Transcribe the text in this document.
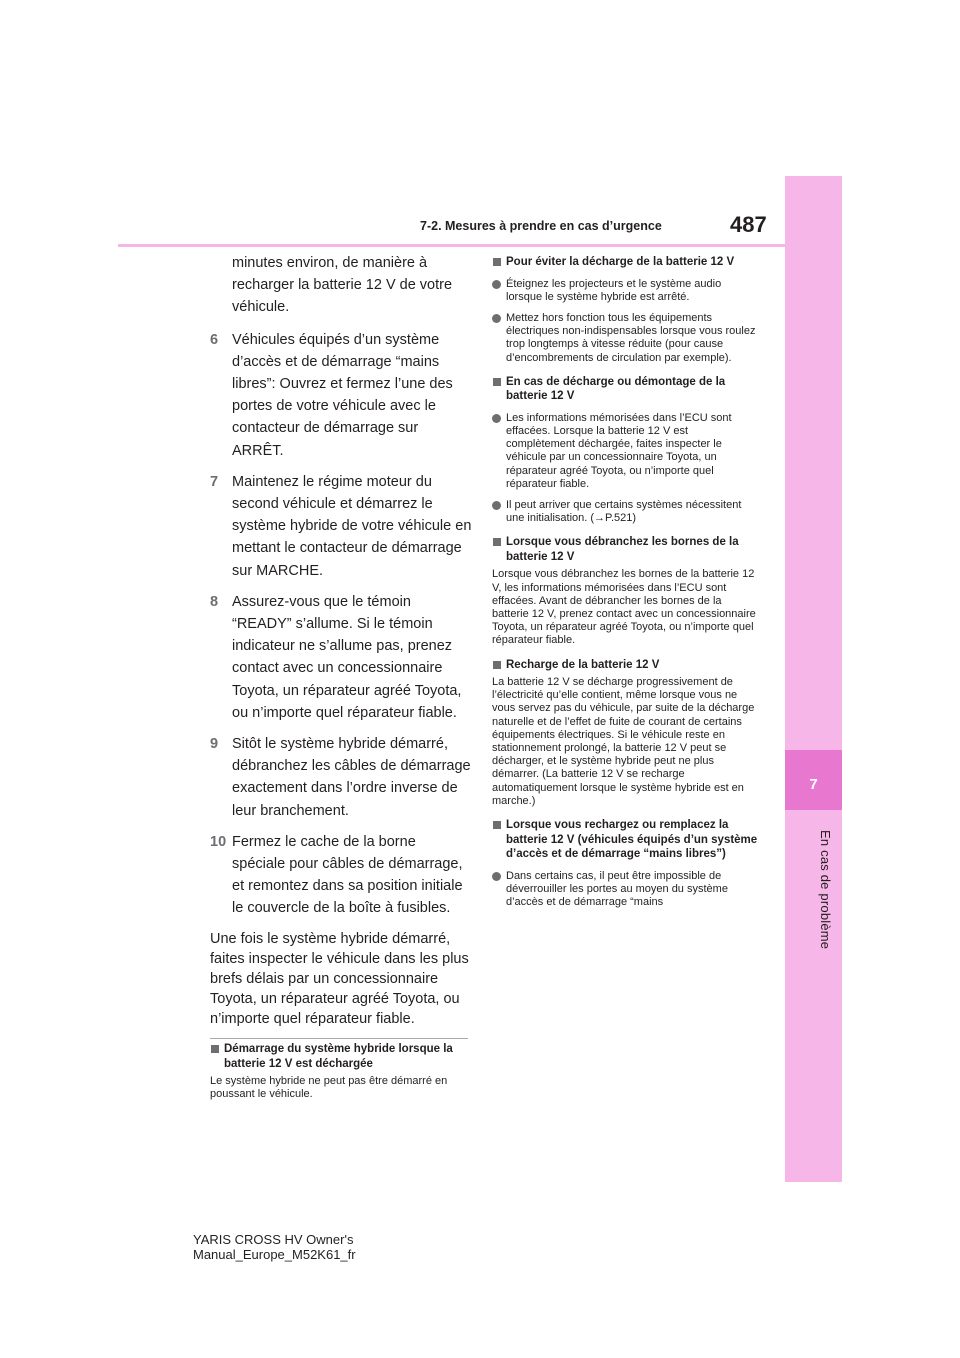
7
En cas de problème
7-2. Mesures à prendre en cas d’urgence	487
minutes environ, de manière à recharger la batterie 12 V de votre véhicule.
6 Véhicules équipés d’un système d’accès et de démarrage “mains libres”: Ouvrez et fermez l’une des portes de votre véhicule avec le contacteur de démarrage sur ARRÊT.
7 Maintenez le régime moteur du second véhicule et démarrez le système hybride de votre véhicule en mettant le contacteur de démarrage sur MARCHE.
8 Assurez-vous que le témoin “READY” s’allume. Si le témoin indicateur ne s’allume pas, prenez contact avec un concessionnaire Toyota, un réparateur agréé Toyota, ou n’importe quel réparateur fiable.
9 Sitôt le système hybride démarré, débranchez les câbles de démarrage exactement dans l’ordre inverse de leur branchement.
10 Fermez le cache de la borne spéciale pour câbles de démarrage, et remontez dans sa position initiale le couvercle de la boîte à fusibles.
Une fois le système hybride démarré, faites inspecter le véhicule dans les plus brefs délais par un concessionnaire Toyota, un réparateur agréé Toyota, ou n’importe quel réparateur fiable.
Démarrage du système hybride lorsque la batterie 12 V est déchargée
Le système hybride ne peut pas être démarré en poussant le véhicule.
Pour éviter la décharge de la batterie 12 V
Éteignez les projecteurs et le système audio lorsque le système hybride est arrêté.
Mettez hors fonction tous les équipements électriques non-indispensables lorsque vous roulez trop longtemps à vitesse réduite (pour cause d’encombrements de circulation par exemple).
En cas de décharge ou démontage de la batterie 12 V
Les informations mémorisées dans l’ECU sont effacées. Lorsque la batterie 12 V est complètement déchargée, faites inspecter le véhicule par un concessionnaire Toyota, un réparateur agréé Toyota, ou n’importe quel réparateur fiable.
Il peut arriver que certains systèmes nécessitent une initialisation. (→P.521)
Lorsque vous débranchez les bornes de la batterie 12 V
Lorsque vous débranchez les bornes de la batterie 12 V, les informations mémorisées dans l’ECU sont effacées. Avant de débrancher les bornes de la batterie 12 V, prenez contact avec un concessionnaire Toyota, un réparateur agréé Toyota, ou n’importe quel réparateur fiable.
Recharge de la batterie 12 V
La batterie 12 V se décharge progressivement de l’électricité qu’elle contient, même lorsque vous ne vous servez pas du véhicule, par suite de la décharge naturelle et de l’effet de fuite de courant de certains équipements électriques. Si le véhicule reste en stationnement prolongé, la batterie 12 V peut se décharger, et le système hybride peut ne plus démarrer. (La batterie 12 V se recharge automatiquement lorsque le système hybride est en marche.)
Lorsque vous rechargez ou remplacez la batterie 12 V (véhicules équipés d’un système d’accès et de démarrage “mains libres”)
Dans certains cas, il peut être impossible de déverrouiller les portes au moyen du système d’accès et de démarrage “mains
YARIS CROSS HV Owner's Manual_Europe_M52K61_fr
